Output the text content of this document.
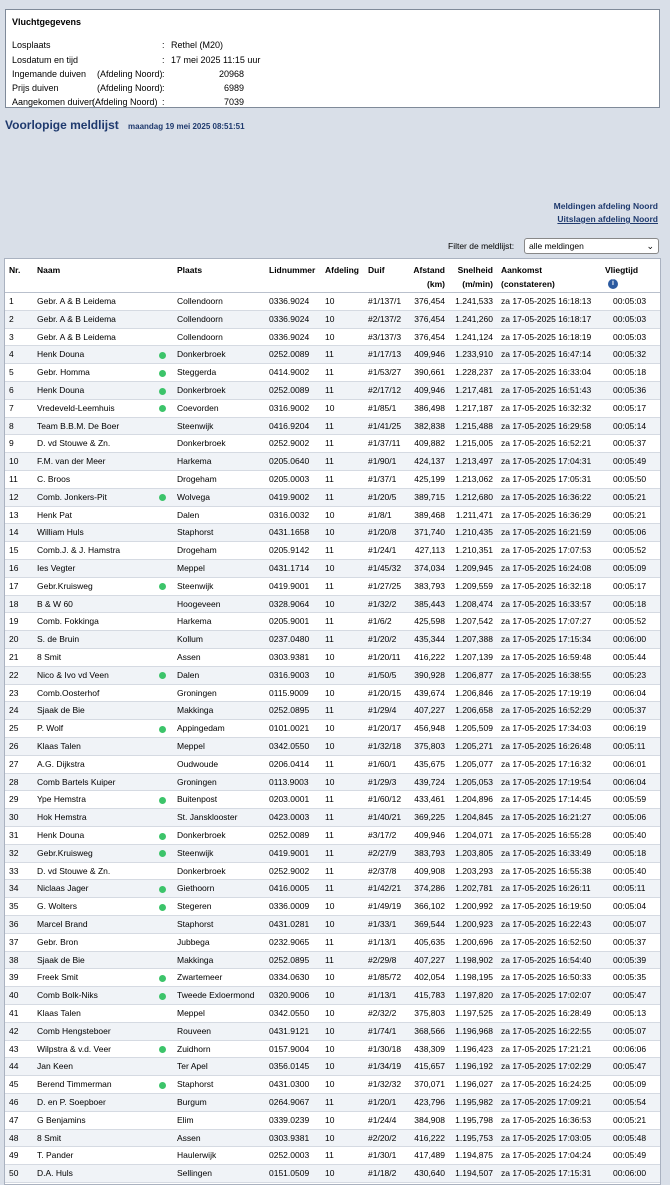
Vluchtgegevens
Losplaats	: Rethel (M20)
Losdatum en tijd	: 17 mei 2025 11:15 uur
Ingemande duiven (Afdeling Noord) :	20968
Prijs duiven	(Afdeling Noord) :	6989
Aangekomen duiven
(Afdeling Noord) :	7039
Voorlopige meldlijst maandag 19 mei 2025 08:51:51
Meldingen afdeling Noord
Uitslagen afdeling Noord
Filter de meldlijst:	alle meldingen	⌄
Nr. Naam	Plaats	Lidnummer Afdeling Duif	Afstand
(km)
Snelheid
(m/min)
Aankomst
(constateren)
Vliegtijd
i
1	Gebr. A & B Leidema	Collendoorn	0336.9024 10	#1/137/1	376,454	1.241,533 za 17-05-2025 16:18:13	00:05:03
2	Gebr. A & B Leidema	Collendoorn	0336.9024 10	#2/137/2	376,454	1.241,260 za 17-05-2025 16:18:17	00:05:03
3	Gebr. A & B Leidema	Collendoorn	0336.9024 10	#3/137/3	376,454	1.241,124 za 17-05-2025 16:18:19	00:05:03
4	Henk Douna	Donkerbroek	0252.0089 11	#1/17/13	409,946	1.233,910 za 17-05-2025 16:47:14	00:05:32
5	Gebr. Homma	Steggerda	0414.9002 11	#1/53/27	390,661	1.228,237 za 17-05-2025 16:33:04	00:05:18
6	Henk Douna	Donkerbroek	0252.0089 11	#2/17/12	409,946	1.217,481 za 17-05-2025 16:51:43	00:05:36
7	Vredeveld-Leemhuis	Coevorden	0316.9002 10	#1/85/1	386,498	1.217,187 za 17-05-2025 16:32:32	00:05:17
8	Team B.B.M. De Boer	Steenwijk	0416.9204 11	#1/41/25	382,838	1.215,488 za 17-05-2025 16:29:58	00:05:14
9	D. vd Stouwe & Zn.	Donkerbroek	0252.9002 11	#1/37/11	409,882	1.215,005 za 17-05-2025 16:52:21	00:05:37
10 F.M. van der Meer	Harkema	0205.0640 11	#1/90/1	424,137	1.213,497 za 17-05-2025 17:04:31	00:05:49
11 C. Broos	Drogeham	0205.0003 11	#1/37/1	425,199	1.213,062 za 17-05-2025 17:05:31	00:05:50
12 Comb. Jonkers-Pit	Wolvega	0419.9002 11	#1/20/5	389,715	1.212,680 za 17-05-2025 16:36:22	00:05:21
13 Henk Pat	Dalen	0316.0032 10	#1/8/1	389,468	1.211,471 za 17-05-2025 16:36:29	00:05:21
14 William Huls	Staphorst	0431.1658 10	#1/20/8	371,740	1.210,435 za 17-05-2025 16:21:59	00:05:06
15 Comb.J. & J. Hamstra	Drogeham	0205.9142 11	#1/24/1	427,113	1.210,351 za 17-05-2025 17:07:53	00:05:52
16 Ies Vegter	Meppel	0431.1714 10	#1/45/32	374,034	1.209,945 za 17-05-2025 16:24:08	00:05:09
17 Gebr.Kruisweg	Steenwijk	0419.9001 11	#1/27/25	383,793	1.209,559 za 17-05-2025 16:32:18	00:05:17
18 B & W 60	Hoogeveen	0328.9064 10	#1/32/2	385,443	1.208,474 za 17-05-2025 16:33:57	00:05:18
19 Comb. Fokkinga	Harkema	0205.9001 11	#1/6/2	425,598	1.207,542 za 17-05-2025 17:07:27	00:05:52
20 S. de Bruin	Kollum	0237.0480 11	#1/20/2	435,344	1.207,388 za 17-05-2025 17:15:34	00:06:00
21 8 Smit	Assen	0303.9381 10	#1/20/11	416,222	1.207,139 za 17-05-2025 16:59:48	00:05:44
22 Nico & Ivo vd Veen	Dalen	0316.9003 10	#1/50/5	390,928	1.206,877 za 17-05-2025 16:38:55	00:05:23
23 Comb.Oosterhof	Groningen	0115.9009 10	#1/20/15	439,674	1.206,846 za 17-05-2025 17:19:19	00:06:04
24 Sjaak de Bie	Makkinga	0252.0895 11	#1/29/4	407,227	1.206,658 za 17-05-2025 16:52:29	00:05:37
25 P. Wolf	Appingedam	0101.0021 10	#1/20/17	456,948	1.205,509 za 17-05-2025 17:34:03	00:06:19
26 Klaas Talen	Meppel	0342.0550 10	#1/32/18	375,803	1.205,271 za 17-05-2025 16:26:48	00:05:11
27 A.G. Dijkstra	Oudwoude	0206.0414 11	#1/60/1	435,675	1.205,077 za 17-05-2025 17:16:32	00:06:01
28 Comb Bartels Kuiper	Groningen	0113.9003 10	#1/29/3	439,724	1.205,053 za 17-05-2025 17:19:54	00:06:04
29 Ype Hemstra	Buitenpost	0203.0001 11	#1/60/12	433,461	1.204,896 za 17-05-2025 17:14:45	00:05:59
30 Hok Hemstra	St. Jansklooster	0423.0003 11	#1/40/21	369,225	1.204,845 za 17-05-2025 16:21:27	00:05:06
31 Henk Douna	Donkerbroek	0252.0089 11	#3/17/2	409,946	1.204,071 za 17-05-2025 16:55:28	00:05:40
32 Gebr.Kruisweg	Steenwijk	0419.9001 11	#2/27/9	383,793	1.203,805 za 17-05-2025 16:33:49	00:05:18
33 D. vd Stouwe & Zn.	Donkerbroek	0252.9002 11	#2/37/8	409,908	1.203,293 za 17-05-2025 16:55:38	00:05:40
34 Niclaas Jager	Giethoorn	0416.0005 11	#1/42/21	374,286	1.202,781 za 17-05-2025 16:26:11	00:05:11
35 G. Wolters	Stegeren	0336.0009 10	#1/49/19	366,102	1.200,992 za 17-05-2025 16:19:50	00:05:04
36 Marcel Brand	Staphorst	0431.0281 10	#1/33/1	369,544	1.200,923 za 17-05-2025 16:22:43	00:05:07
37 Gebr. Bron	Jubbega	0232.9065 11	#1/13/1	405,635	1.200,696 za 17-05-2025 16:52:50	00:05:37
38 Sjaak de Bie	Makkinga	0252.0895 11	#2/29/8	407,227	1.198,902 za 17-05-2025 16:54:40	00:05:39
39 Freek Smit	Zwartemeer	0334.0630 10	#1/85/72	402,054	1.198,195 za 17-05-2025 16:50:33	00:05:35
40 Comb Bolk-Niks	Tweede Exloermond 0320.9006 10	#1/13/1	415,783	1.197,820 za 17-05-2025 17:02:07	00:05:47
41 Klaas Talen	Meppel	0342.0550 10	#2/32/2	375,803	1.197,525 za 17-05-2025 16:28:49	00:05:13
42 Comb Hengsteboer	Rouveen	0431.9121 10	#1/74/1	368,566	1.196,968 za 17-05-2025 16:22:55	00:05:07
43 Wilpstra & v.d. Veer	Zuidhorn	0157.9004 10	#1/30/18	438,309	1.196,423 za 17-05-2025 17:21:21	00:06:06
44 Jan Keen	Ter Apel	0356.0145 10	#1/34/19	415,657	1.196,192 za 17-05-2025 17:02:29	00:05:47
45 Berend Timmerman	Staphorst	0431.0300 10	#1/32/32	370,071	1.196,027 za 17-05-2025 16:24:25	00:05:09
46 D. en P. Soepboer	Burgum	0264.9067 11	#1/20/1	423,796	1.195,982 za 17-05-2025 17:09:21	00:05:54
47 G Benjamins	Elim	0339.0239 10	#1/24/4	384,908	1.195,798 za 17-05-2025 16:36:53	00:05:21
48 8 Smit	Assen	0303.9381 10	#2/20/2	416,222	1.195,753 za 17-05-2025 17:03:05	00:05:48
49 T. Pander	Haulerwijk	0252.0003 11	#1/30/1	417,489	1.194,875 za 17-05-2025 17:04:24	00:05:49
50 D.A. Huls	Sellingen	0151.0509 10	#1/18/2	430,640	1.194,507 za 17-05-2025 17:15:31	00:06:00
